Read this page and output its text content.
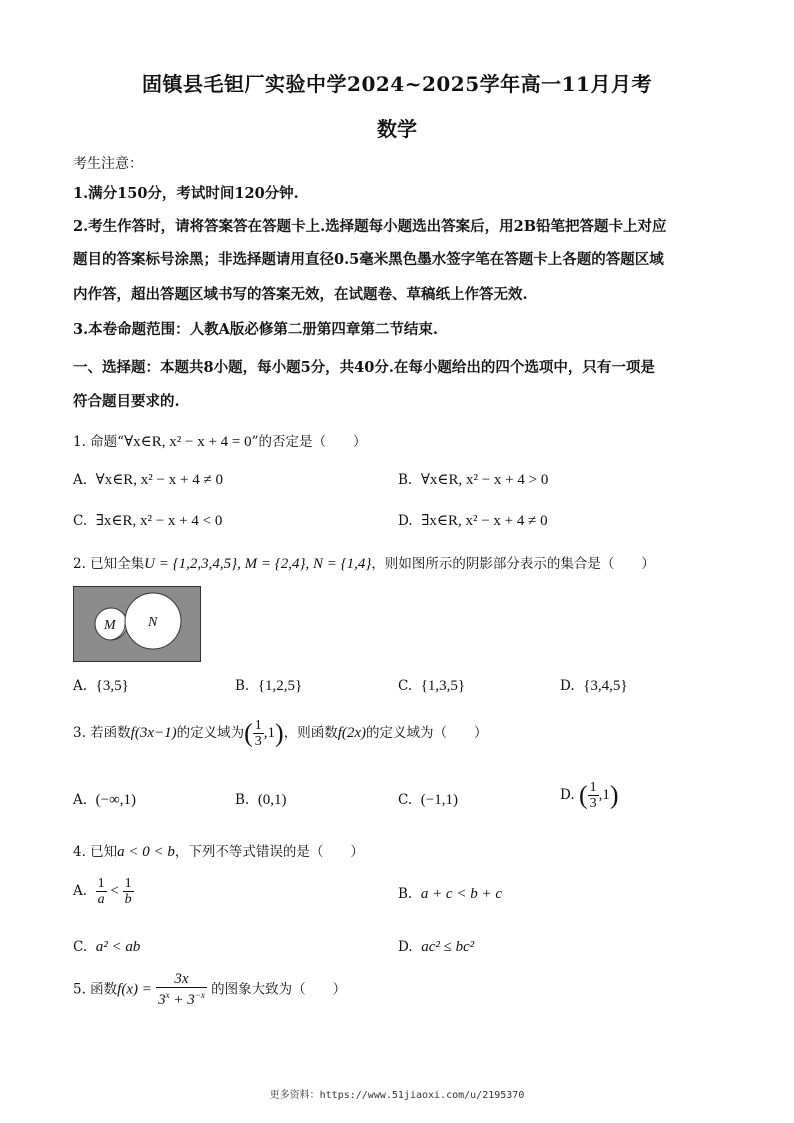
固镇县毛钽厂实验中学2024~2025学年高一11月月考
数学
考生注意：
1.满分150分，考试时间120分钟.
2.考生作答时，请将答案答在答题卡上.选择题每小题选出答案后，用2B铅笔把答题卡上对应
题目的答案标号涂黑；非选择题请用直径0.5毫米黑色墨水签字笔在答题卡上各题的答题区域
内作答，超出答题区域书写的答案无效，在试题卷、草稿纸上作答无效.
3.本卷命题范围：人教A版必修第二册第四章第二节结束.
一、选择题：本题共8小题，每小题5分，共40分.在每小题给出的四个选项中，只有一项是
符合题目要求的.
1. 命题“∀x∈R, x² − x + 4 = 0”的否定是（　　）
A. ∀x∈R, x² − x + 4 ≠ 0	B. ∀x∈R, x² − x + 4 > 0
C. ∃x∈R, x² − x + 4 < 0	D. ∃x∈R, x² − x + 4 ≠ 0
2. 已知全集U = {1,2,3,4,5}, M = {2,4}, N = {1,4}，则如图所示的阴影部分表示的集合是（　　）
M N
A. {3,5}	B. {1,2,5}	C. {1,3,5}	D. {3,4,5}
3. 若函数f(3x−1)的定义域为( $\frac{1}{3} ,1$)，则函数f(2x)的定义域为（　　）
A. (−∞,1)	B. (0,1)	C. (−1,1)	D. ( $\frac{1}{3} ,1$)
4. 已知a < 0 < b，下列不等式错误的是（　　）
A. $\frac{1}{a} < \frac{1}{b}$	B. a + c < b + c
C. a² < ab	D. ac² ≤ bc²
5. 函数$f(x) = \frac{3x}{3^x + 3^{-x}}$ 的图象大致为（　　）
更多资料：https://www.51jiaoxi.com/u/2195370
